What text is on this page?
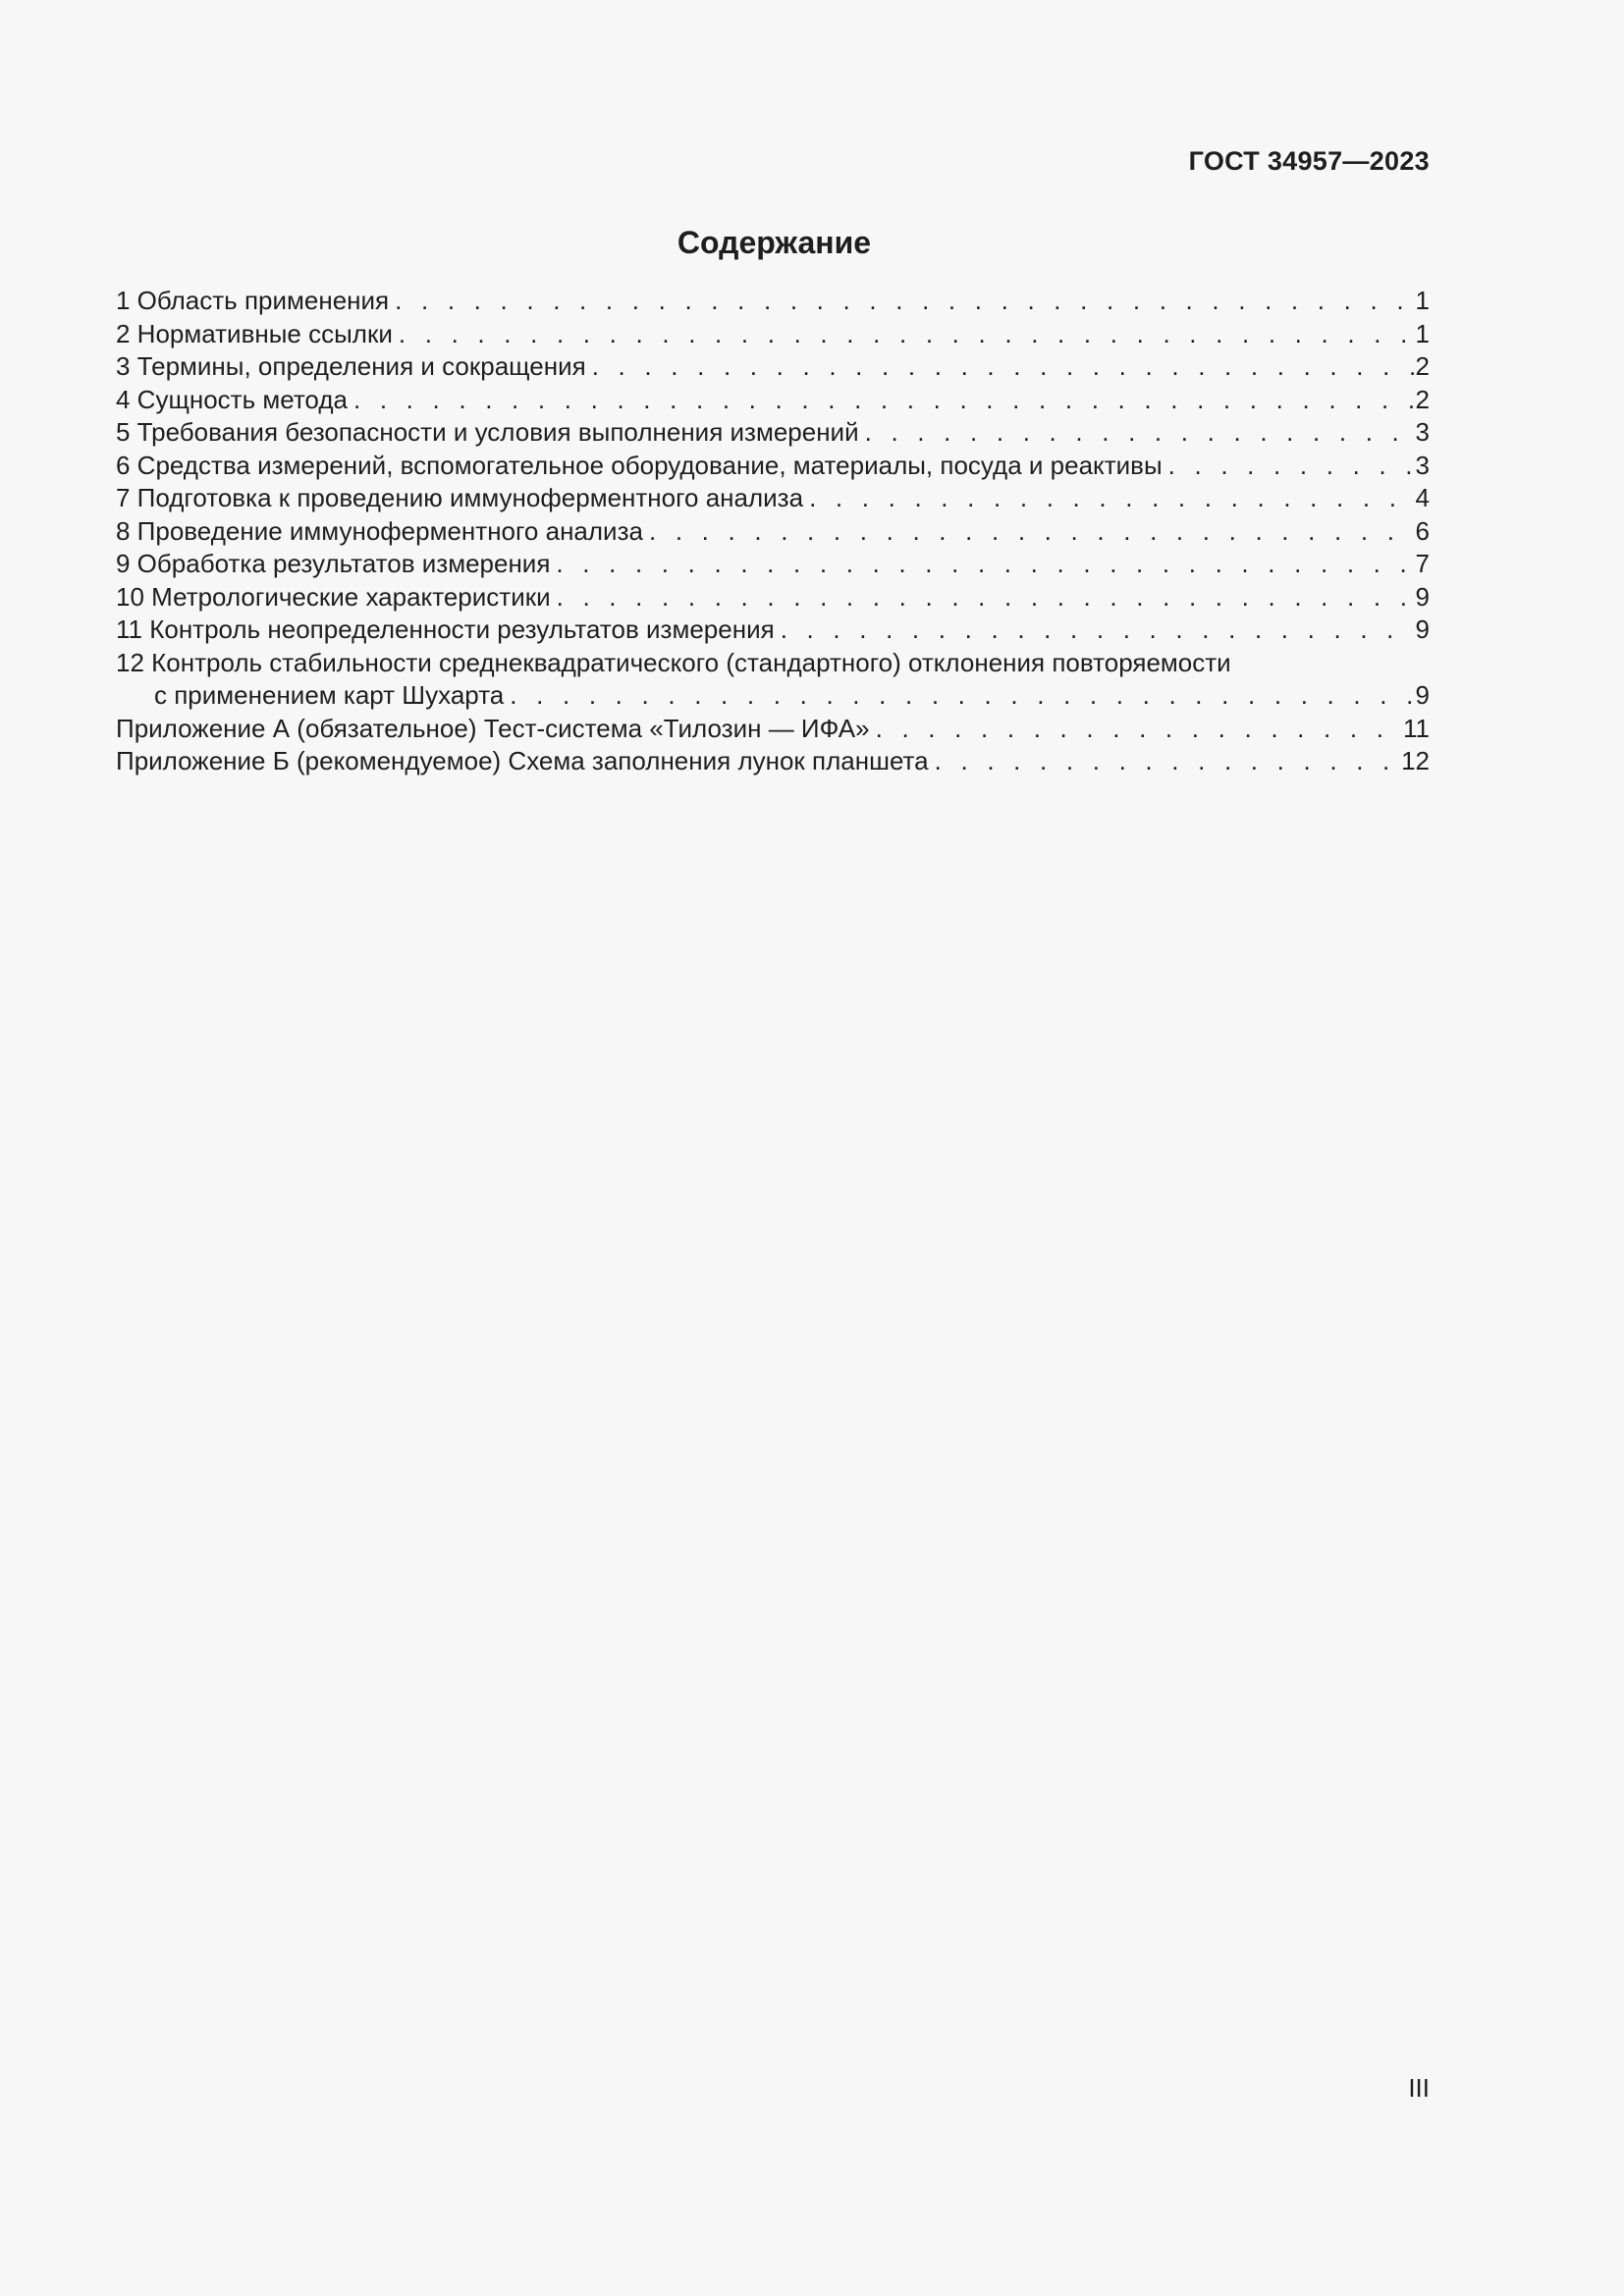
ГОСТ 34957—2023
Содержание
1 Область применения . . .	1
2 Нормативные ссылки . . .	1
3 Термины, определения и сокращения . . .	2
4 Сущность метода . . .	2
5 Требования безопасности и условия выполнения измерений . . .	3
6 Средства измерений, вспомогательное оборудование, материалы, посуда и реактивы . . .	3
7 Подготовка к проведению иммуноферментного анализа . . .	4
8 Проведение иммуноферментного анализа . . .	6
9 Обработка результатов измерения . . .	7
10 Метрологические характеристики . . .	9
11 Контроль неопределенности результатов измерения . . .	9
12 Контроль стабильности среднеквадратического (стандартного) отклонения повторяемости
с применением карт Шухарта . . .	9
Приложение А (обязательное) Тест-система «Тилозин — ИФА» . . .	11
Приложение Б (рекомендуемое) Схема заполнения лунок планшета . . .	12
III
